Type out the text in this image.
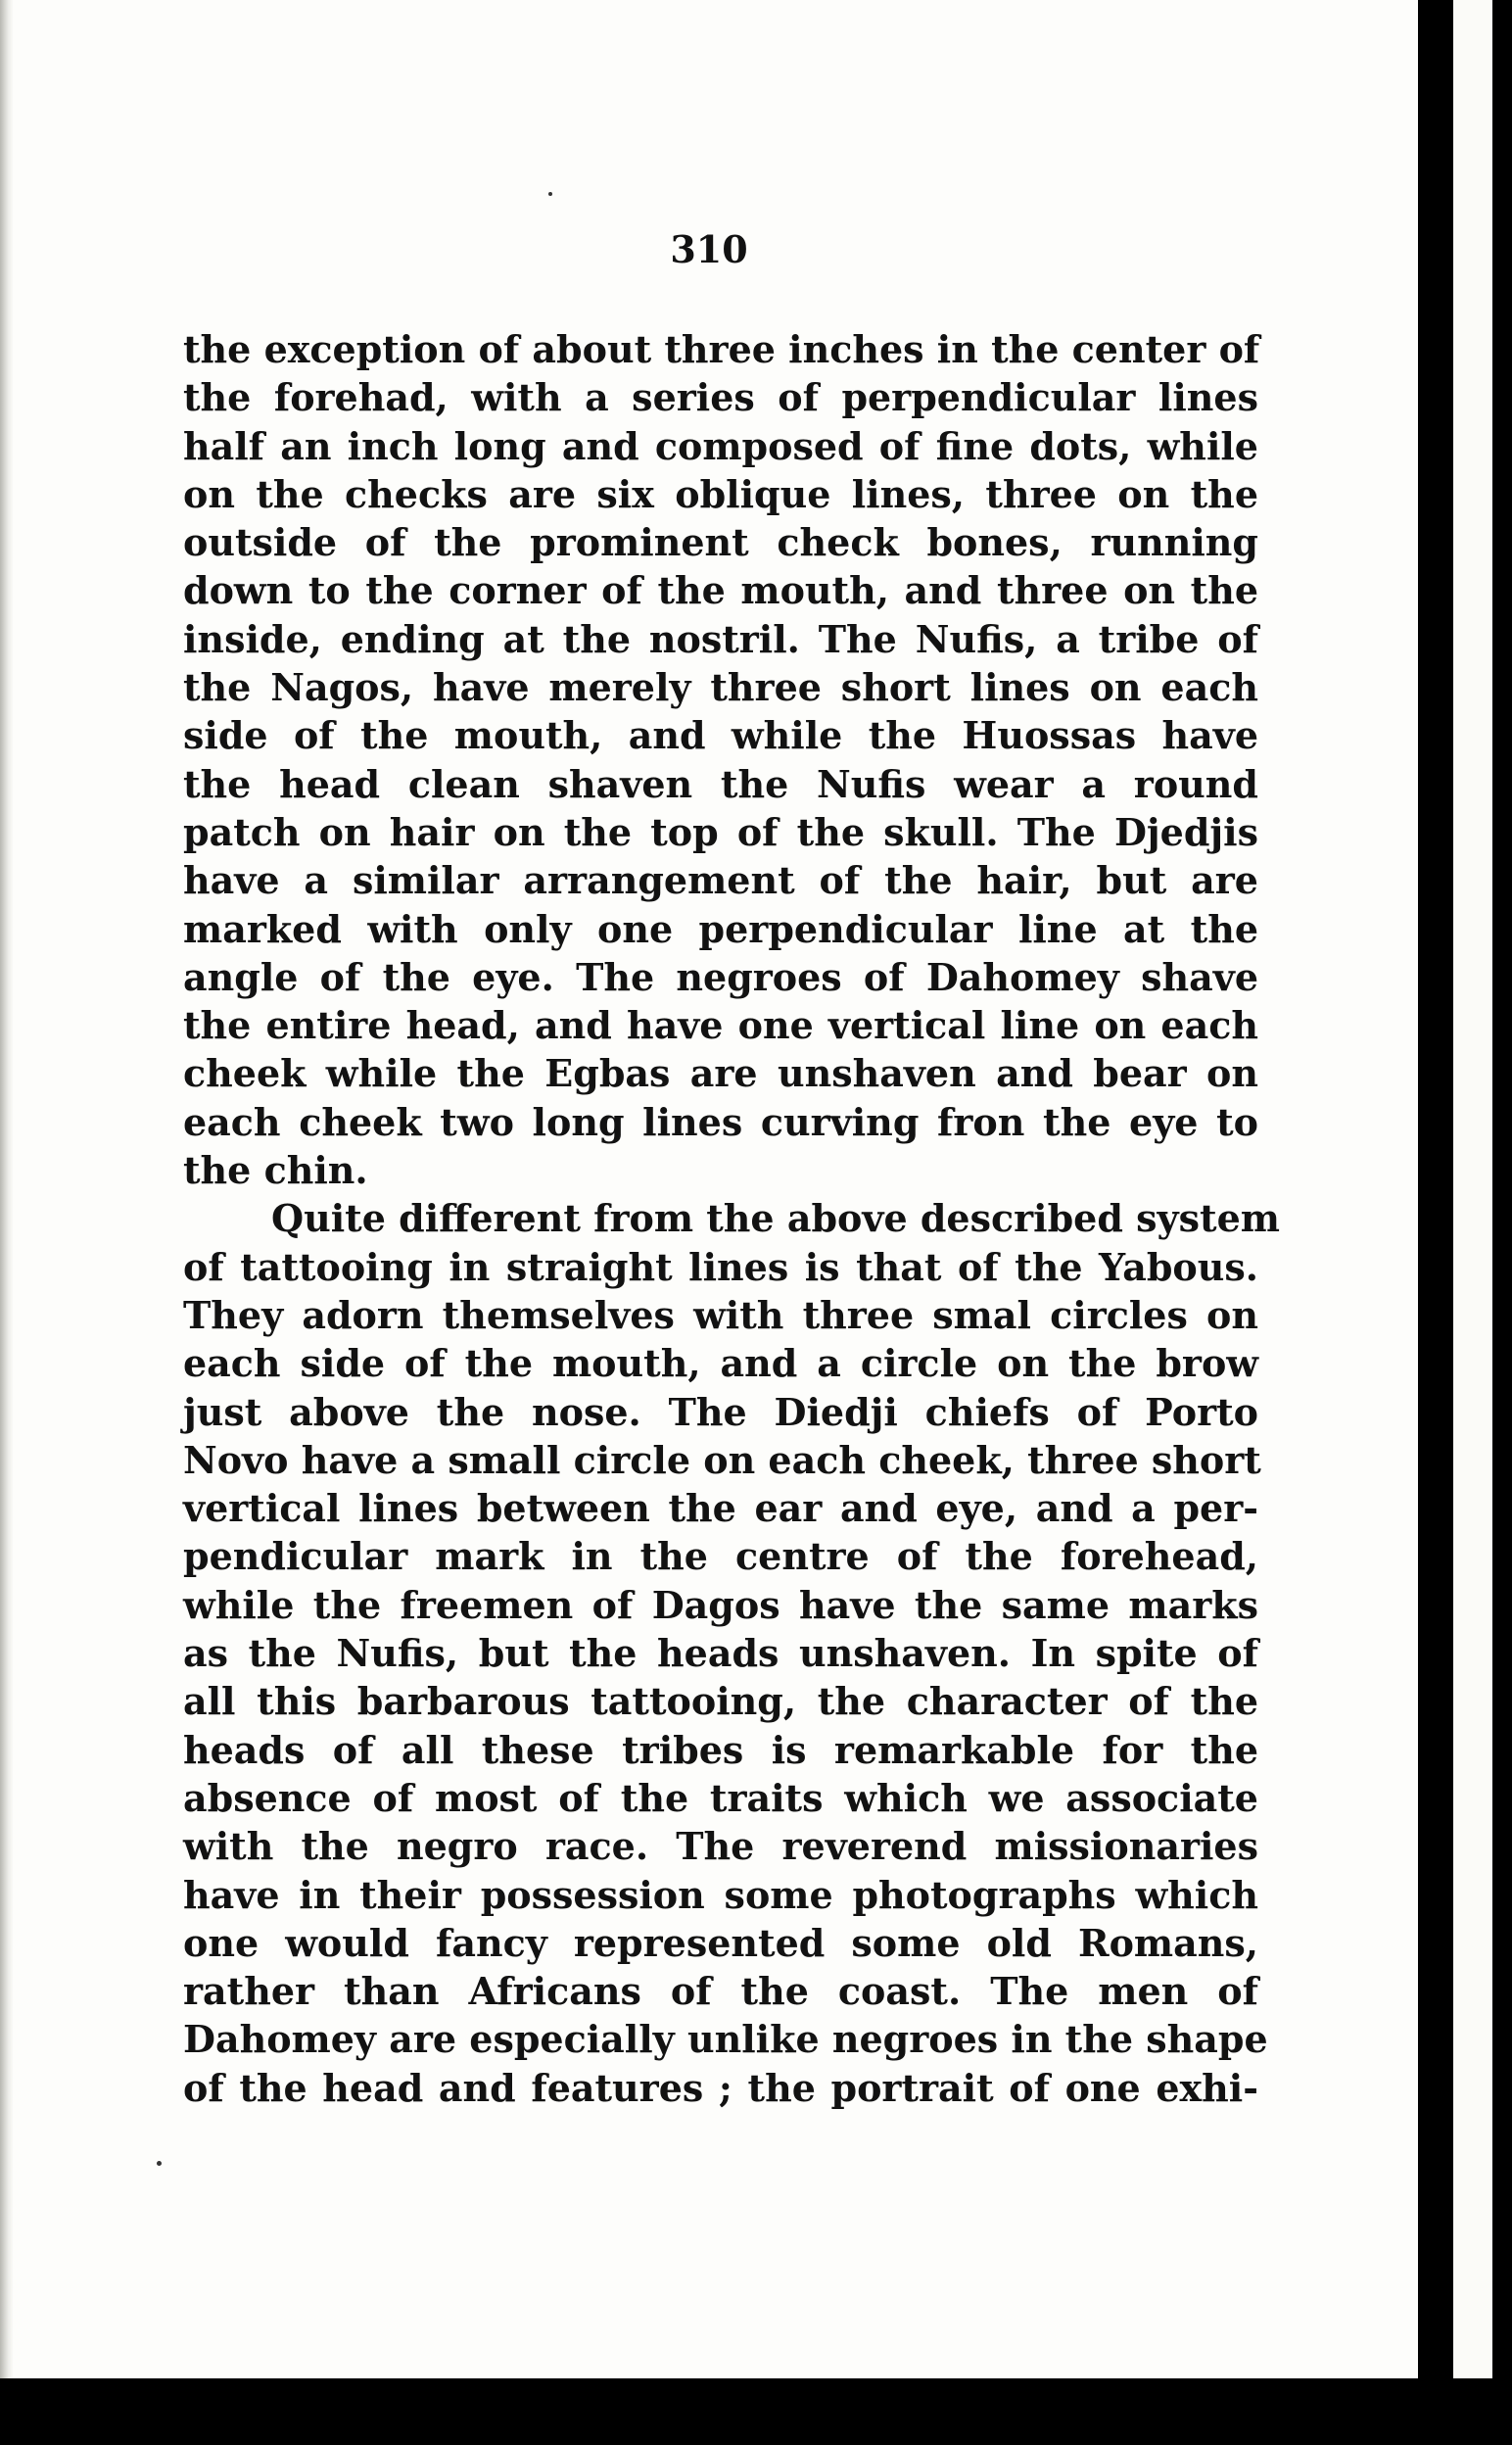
310
the exception of about three inches in the center of
the forehad, with a series of perpendicular lines
half an inch long and composed of fine dots, while
on the checks are six oblique lines, three on the
outside of the prominent check bones, running
down to the corner of the mouth, and three on the
inside, ending at the nostril. The Nufis, a tribe of
the Nagos, have merely three short lines on each
side of the mouth, and while the Huossas have
the head clean shaven the Nufis wear a round
patch on hair on the top of the skull. The Djedjis
have a similar arrangement of the hair, but are
marked with only one perpendicular line at the
angle of the eye. The negroes of Dahomey shave
the entire head, and have one vertical line on each
cheek while the Egbas are unshaven and bear on
each cheek two long lines curving fron the eye to
the chin.
Quite different from the above described system
of tattooing in straight lines is that of the Yabous.
They adorn themselves with three smal circles on
each side of the mouth, and a circle on the brow
just above the nose. The Diedji chiefs of Porto
Novo have a small circle on each cheek, three short
vertical lines between the ear and eye, and a per-
pendicular mark in the centre of the forehead,
while the freemen of Dagos have the same marks
as the Nufis, but the heads unshaven. In spite of
all this barbarous tattooing, the character of the
heads of all these tribes is remarkable for the
absence of most of the traits which we associate
with the negro race. The reverend missionaries
have in their possession some photographs which
one would fancy represented some old Romans,
rather than Africans of the coast. The men of
Dahomey are especially unlike negroes in the shape
of the head and features ; the portrait of one exhi-
